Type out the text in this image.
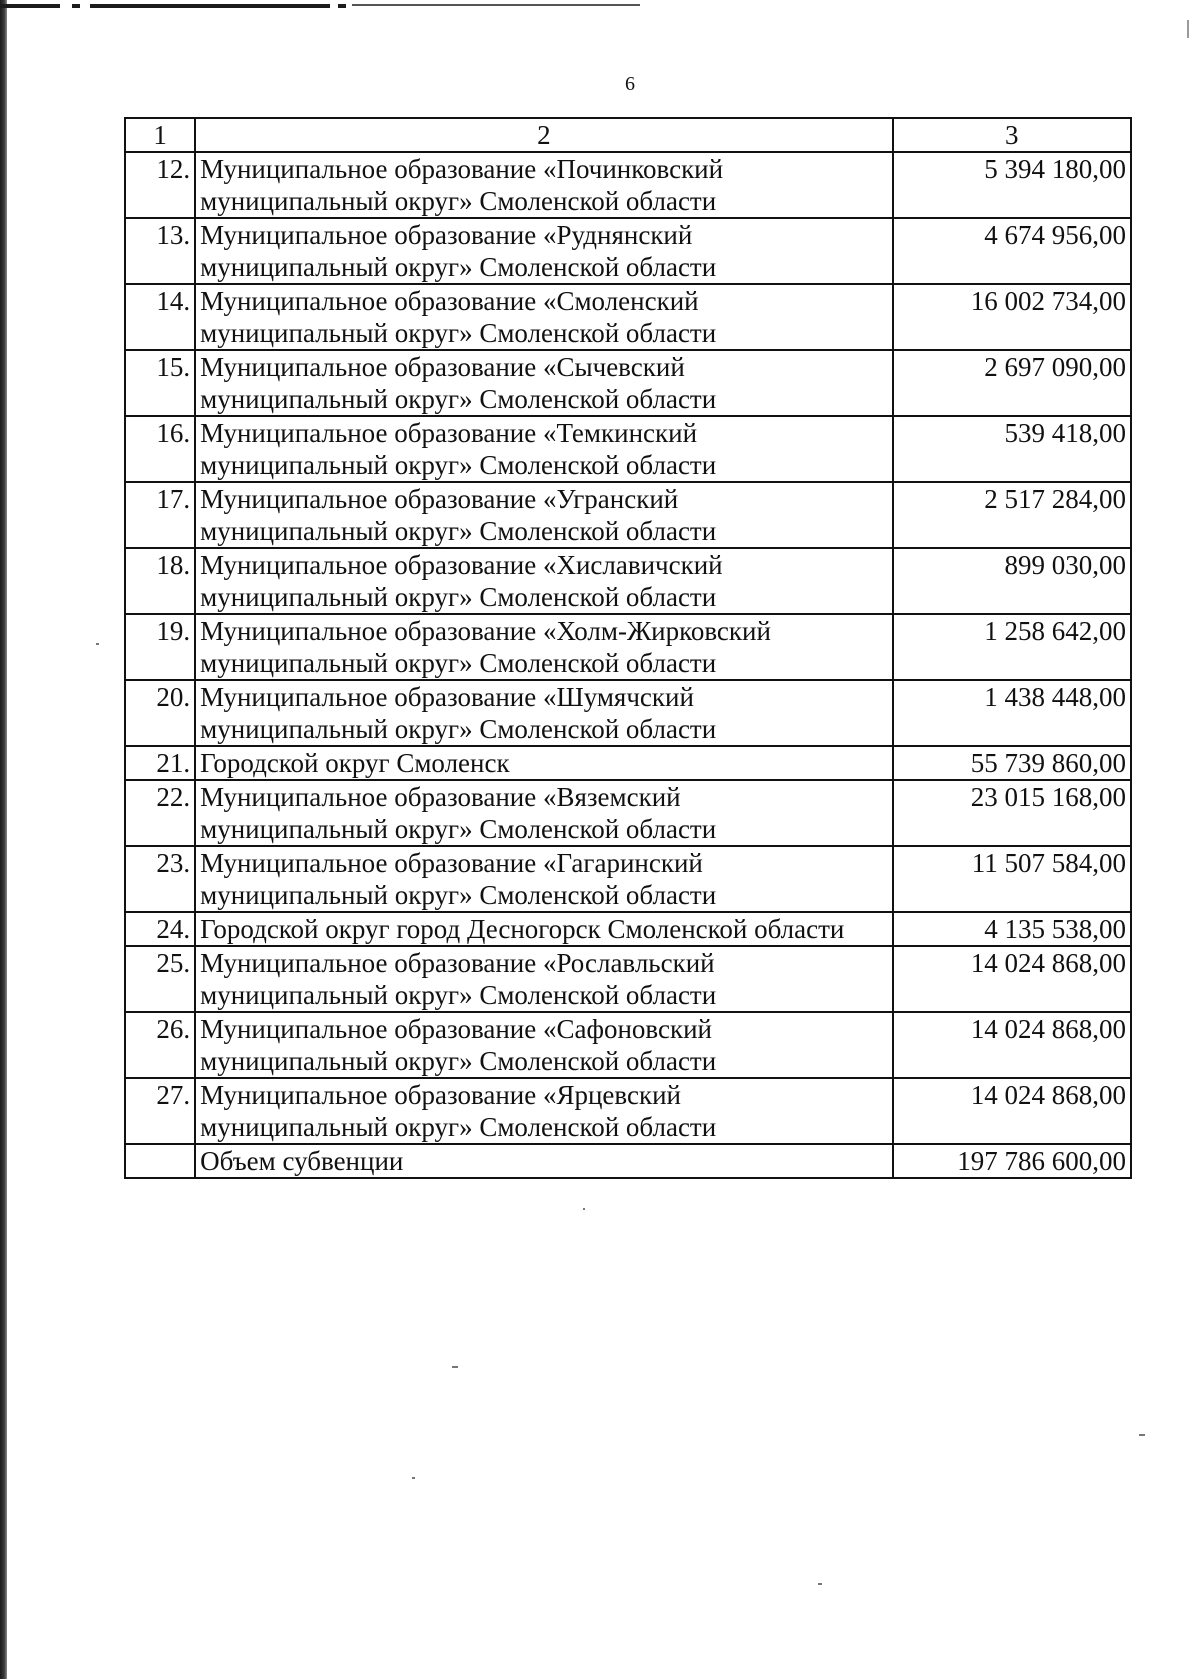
6
1	2	3
12.	Муниципальное образование «Починковский
муниципальный округ» Смоленской области	5 394 180,00
13.	Муниципальное образование «Руднянский
муниципальный округ» Смоленской области	4 674 956,00
14.	Муниципальное образование «Смоленский
муниципальный округ» Смоленской области	16 002 734,00
15.	Муниципальное образование «Сычевский
муниципальный округ» Смоленской области	2 697 090,00
16.	Муниципальное образование «Темкинский
муниципальный округ» Смоленской области	539 418,00
17.	Муниципальное образование «Угранский
муниципальный округ» Смоленской области	2 517 284,00
18.	Муниципальное образование «Хиславичский
муниципальный округ» Смоленской области	899 030,00
19.	Муниципальное образование «Холм-Жирковский
муниципальный округ» Смоленской области	1 258 642,00
20.	Муниципальное образование «Шумячский
муниципальный округ» Смоленской области	1 438 448,00
21.	Городской округ Смоленск	55 739 860,00
22.	Муниципальное образование «Вяземский
муниципальный округ» Смоленской области	23 015 168,00
23.	Муниципальное образование «Гагаринский
муниципальный округ» Смоленской области	11 507 584,00
24.	Городской округ город Десногорск Смоленской области	4 135 538,00
25.	Муниципальное образование «Рославльский
муниципальный округ» Смоленской области	14 024 868,00
26.	Муниципальное образование «Сафоновский
муниципальный округ» Смоленской области	14 024 868,00
27.	Муниципальное образование «Ярцевский
муниципальный округ» Смоленской области	14 024 868,00
	Объем субвенции	197 786 600,00
